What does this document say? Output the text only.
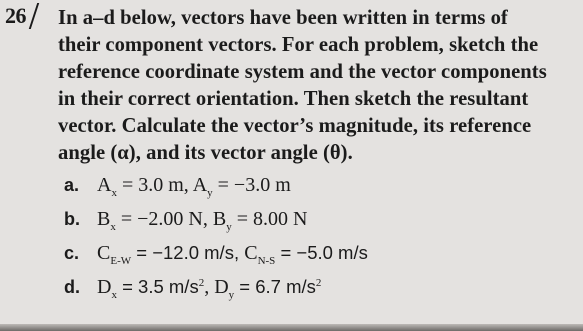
26 In a–d below, vectors have been written in terms of
their component vectors. For each problem, sketch the
reference coordinate system and the vector components
in their correct orientation. Then sketch the resultant
vector. Calculate the vector’s magnitude, its reference
angle (α), and its vector angle (θ).
a. $A_x = 3.0$ m, $A_y = -3.0$ m
b. $B_x = -2.00$ N, $B_y = 8.00$ N
c. $C_{E-W} = -12.0$ m/s, $C_{N-S} = -5.0$ m/s
d. $D_x = 3.5$ $m/s^2$, $D_y = 6.7$ $m/s^2$
